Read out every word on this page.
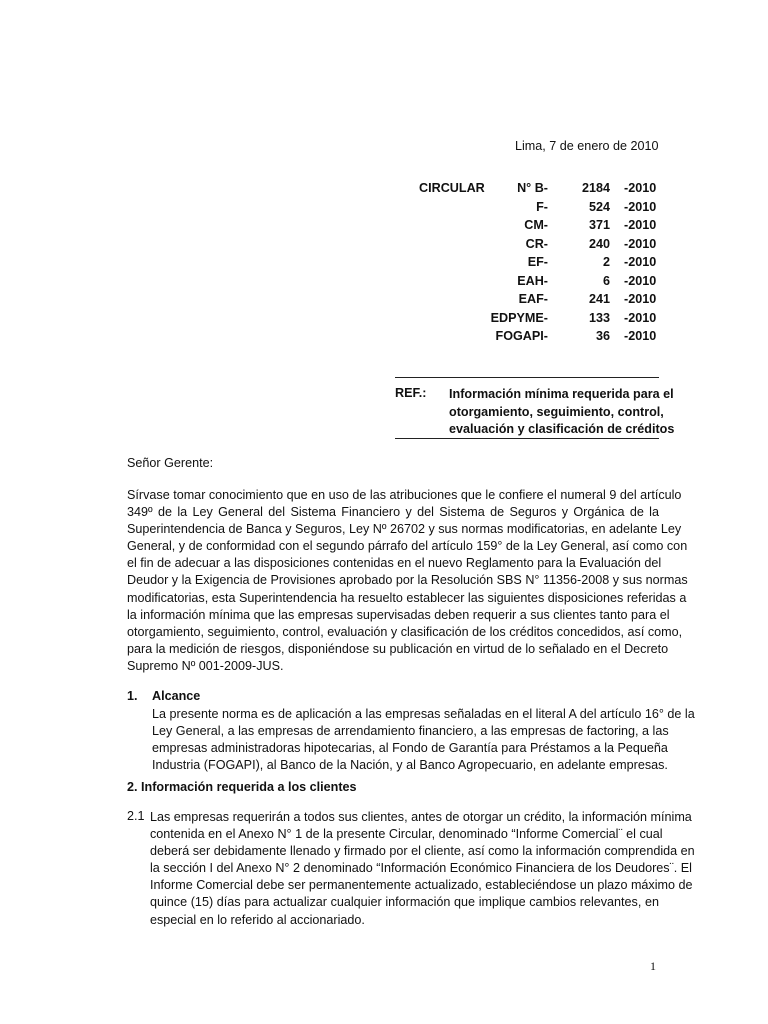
Lima, 7 de enero de 2010
CIRCULAR	N° B-	2184 -2010
F-	524 -2010
CM-	371 -2010
CR-	240 -2010
EF-	2 -2010
EAH-	6 -2010
EAF-	241 -2010
EDPYME-	133 -2010
FOGAPI-	36 -2010
REF.: Información mínima requerida para el
otorgamiento, seguimiento, control,
evaluación y clasificación de créditos
Señor Gerente:
Sírvase tomar conocimiento que en uso de las atribuciones que le confiere el numeral 9 del artículo
349º de la Ley General del Sistema Financiero y del Sistema de Seguros y Orgánica de la
Superintendencia de Banca y Seguros, Ley Nº 26702 y sus normas modificatorias, en adelante Ley
General, y de conformidad con el segundo párrafo del artículo 159° de la Ley General, así como con
el fin de adecuar a las disposiciones contenidas en el nuevo Reglamento para la Evaluación del
Deudor y la Exigencia de Provisiones aprobado por la Resolución SBS N° 11356-2008 y sus normas
modificatorias, esta Superintendencia ha resuelto establecer las siguientes disposiciones referidas a
la información mínima que las empresas supervisadas deben requerir a sus clientes tanto para el
otorgamiento, seguimiento, control, evaluación y clasificación de los créditos concedidos, así como,
para la medición de riesgos, disponiéndose su publicación en virtud de lo señalado en el Decreto
Supremo Nº 001-2009-JUS.
1. Alcance
La presente norma es de aplicación a las empresas señaladas en el literal A del artículo 16° de la
Ley General, a las empresas de arrendamiento financiero, a las empresas de factoring, a las
empresas administradoras hipotecarias, al Fondo de Garantía para Préstamos a la Pequeña
Industria (FOGAPI), al Banco de la Nación, y al Banco Agropecuario, en adelante empresas.
2. Información requerida a los clientes
2.1 Las empresas requerirán a todos sus clientes, antes de otorgar un crédito, la información mínima
contenida en el Anexo N° 1 de la presente Circular, denominado “Informe Comercial¨ el cual
deberá ser debidamente llenado y firmado por el cliente, así como la información comprendida en
la sección I del Anexo N° 2 denominado “Información Económico Financiera de los Deudores¨. El
Informe Comercial debe ser permanentemente actualizado, estableciéndose un plazo máximo de
quince (15) días para actualizar cualquier información que implique cambios relevantes, en
especial en lo referido al accionariado.
1
